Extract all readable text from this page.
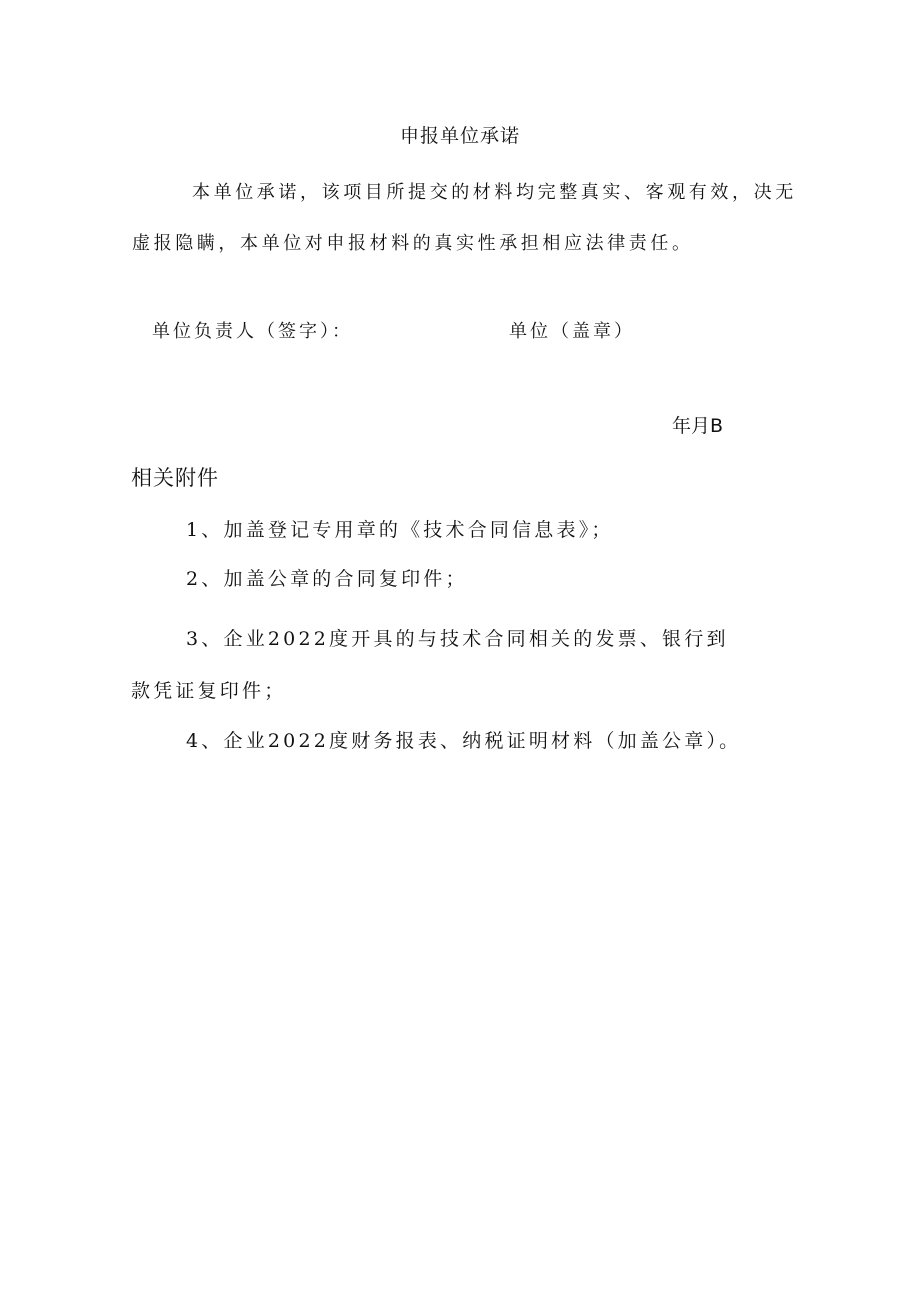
申报单位承诺

本单位承诺，该项目所提交的材料均完整真实、客观有效，决无虚报隐瞒，本单位对申报材料的真实性承担相应法律责任。

单位负责人（签字）：	单位（盖章）
年月B
相关附件
1、加盖登记专用章的《技术合同信息表》；
2、加盖公章的合同复印件；
3、企业2022度开具的与技术合同相关的发票、银行到
款凭证复印件；
4、企业2022度财务报表、纳税证明材料（加盖公章）。
